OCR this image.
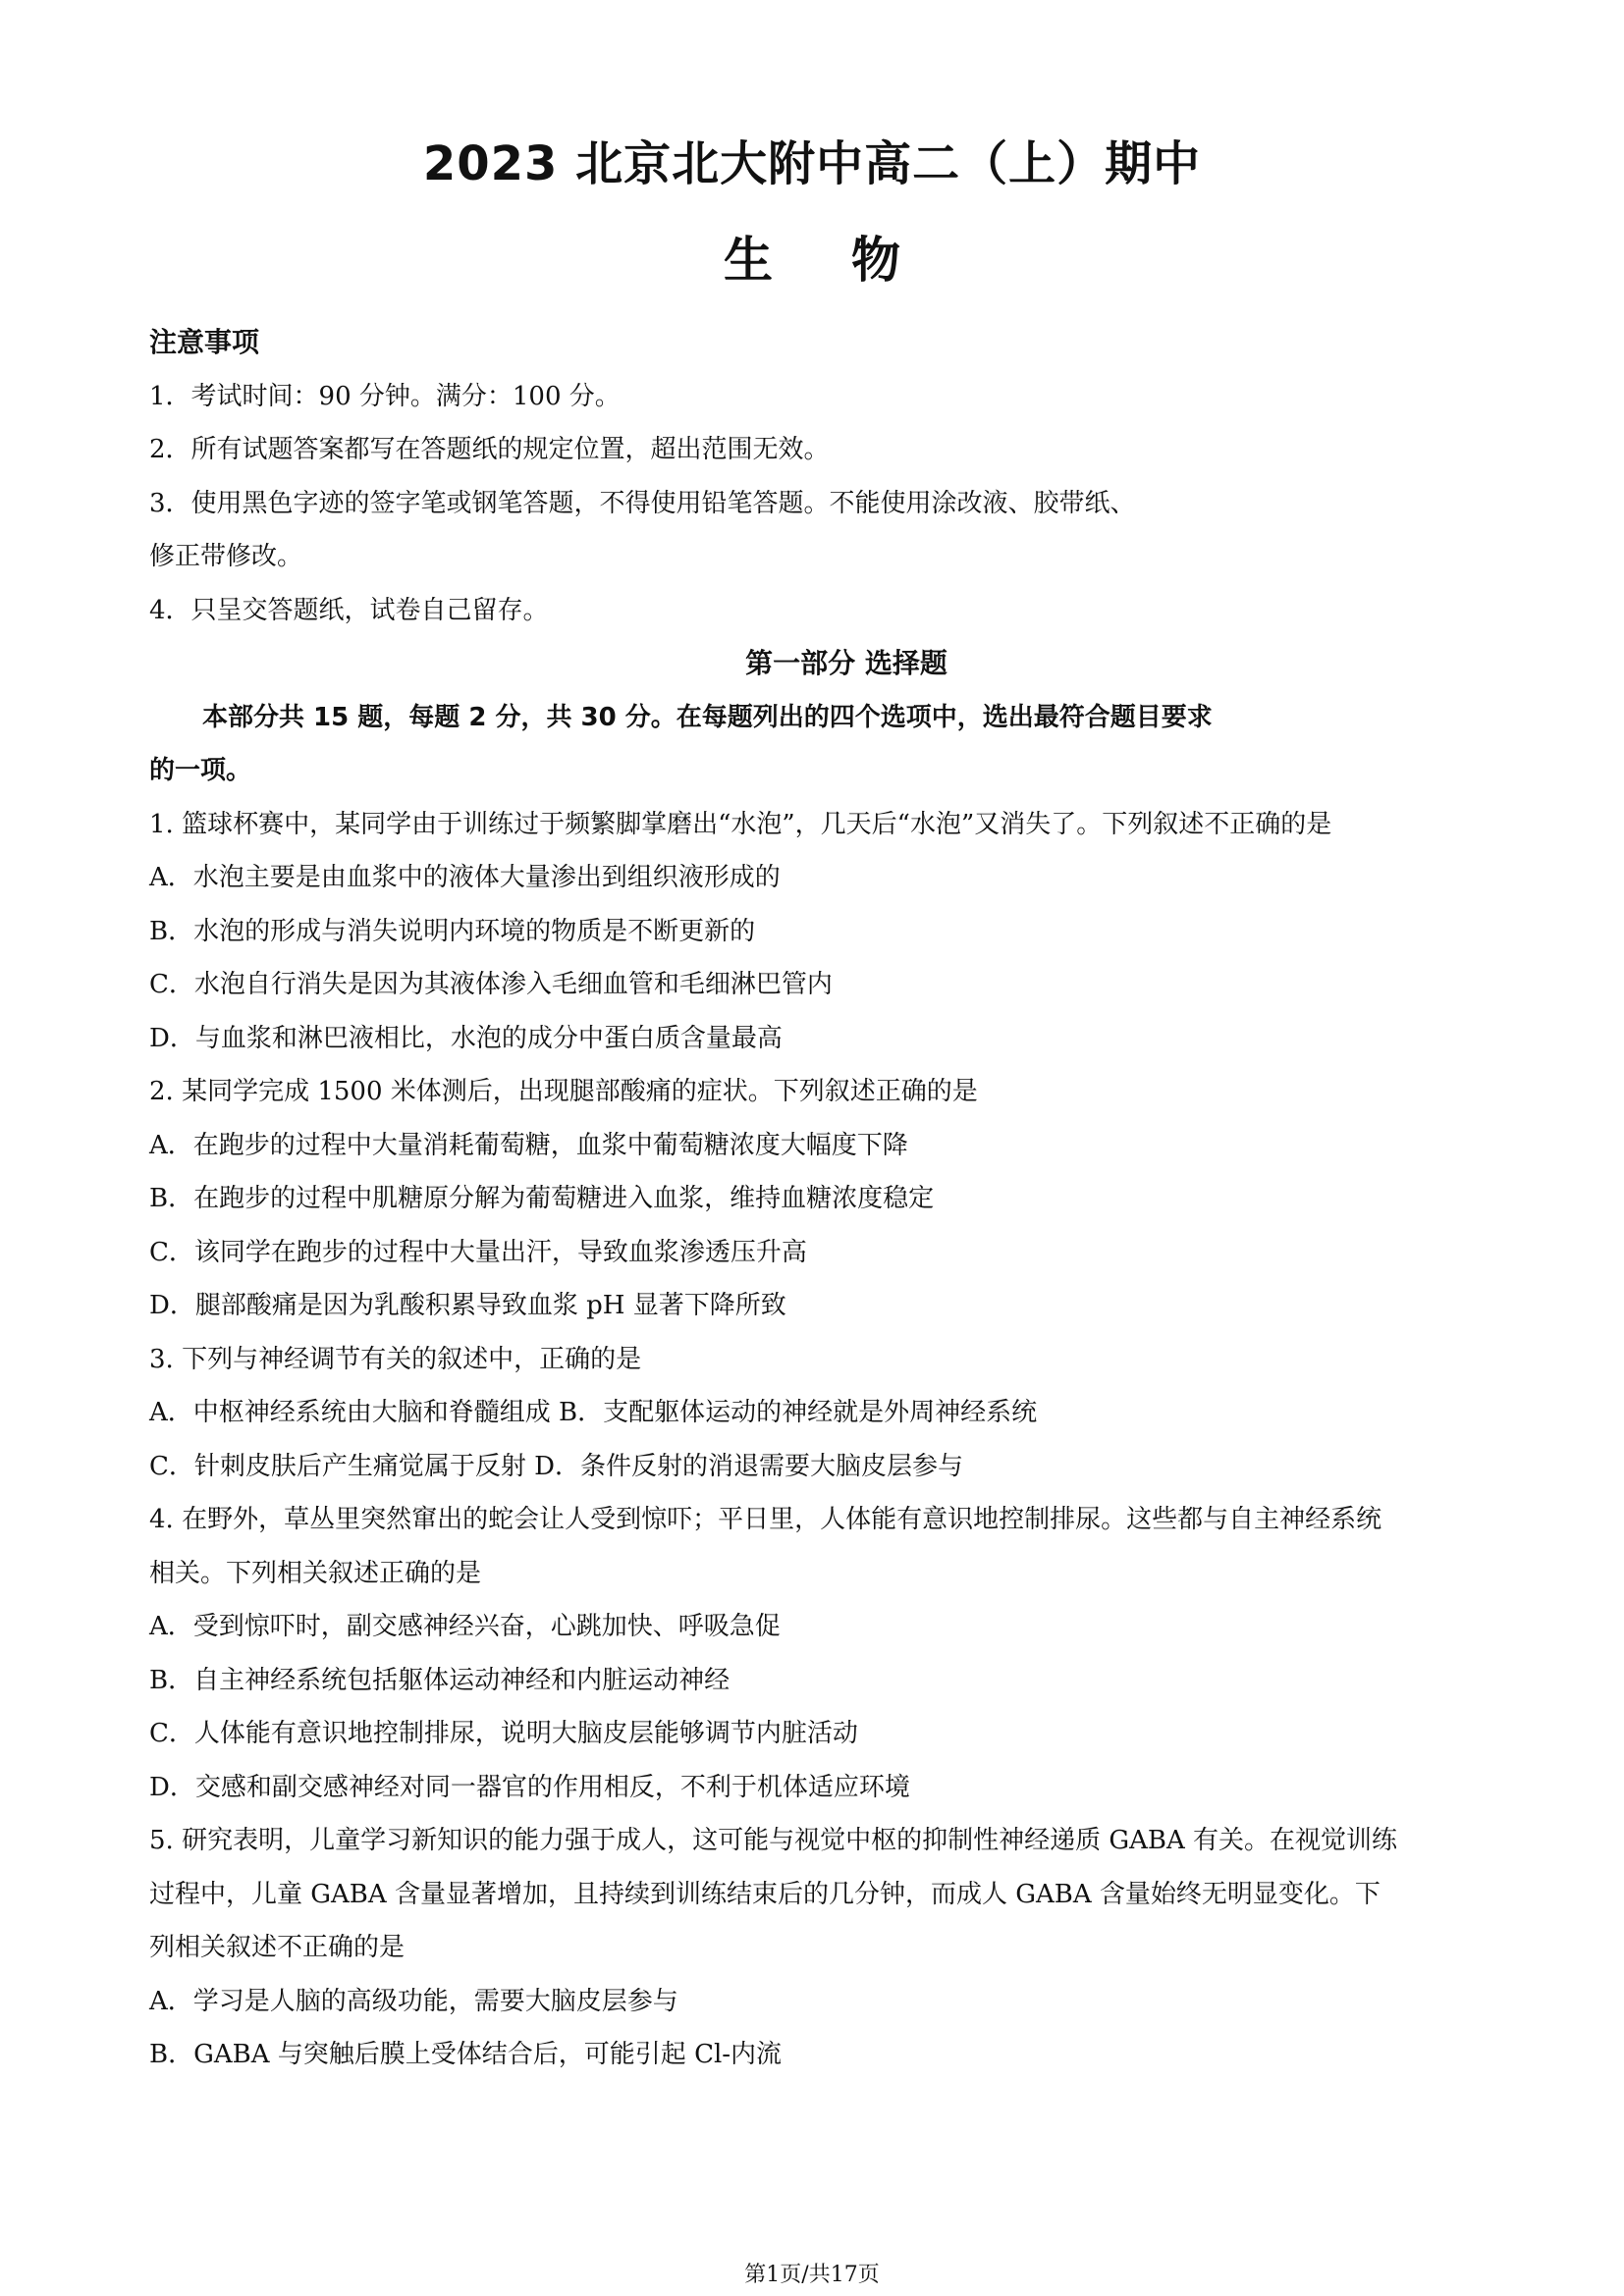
2023 北京北大附中高二（上）期中
生物
注意事项
1．考试时间：90 分钟。满分：100 分。
2．所有试题答案都写在答题纸的规定位置，超出范围无效。
3．使用黑色字迹的签字笔或钢笔答题，不得使用铅笔答题。不能使用涂改液、胶带纸、
修正带修改。
4．只呈交答题纸，试卷自己留存。
第一部分 选择题
本部分共 15 题，每题 2 分，共 30 分。在每题列出的四个选项中，选出最符合题目要求
的一项。
1. 篮球杯赛中，某同学由于训练过于频繁脚掌磨出“水泡”，几天后“水泡”又消失了。下列叙述不正确的是
A．水泡主要是由血浆中的液体大量渗出到组织液形成的
B．水泡的形成与消失说明内环境的物质是不断更新的
C．水泡自行消失是因为其液体渗入毛细血管和毛细淋巴管内
D．与血浆和淋巴液相比，水泡的成分中蛋白质含量最高
2. 某同学完成 1500 米体测后，出现腿部酸痛的症状。下列叙述正确的是
A．在跑步的过程中大量消耗葡萄糖，血浆中葡萄糖浓度大幅度下降
B．在跑步的过程中肌糖原分解为葡萄糖进入血浆，维持血糖浓度稳定
C．该同学在跑步的过程中大量出汗，导致血浆渗透压升高
D．腿部酸痛是因为乳酸积累导致血浆 pH 显著下降所致
3. 下列与神经调节有关的叙述中，正确的是
A．中枢神经系统由大脑和脊髓组成 B．支配躯体运动的神经就是外周神经系统
C．针刺皮肤后产生痛觉属于反射 D．条件反射的消退需要大脑皮层参与
4. 在野外，草丛里突然窜出的蛇会让人受到惊吓；平日里，人体能有意识地控制排尿。这些都与自主神经系统
相关。下列相关叙述正确的是
A．受到惊吓时，副交感神经兴奋，心跳加快、呼吸急促
B．自主神经系统包括躯体运动神经和内脏运动神经
C．人体能有意识地控制排尿，说明大脑皮层能够调节内脏活动
D．交感和副交感神经对同一器官的作用相反，不利于机体适应环境
5. 研究表明，儿童学习新知识的能力强于成人，这可能与视觉中枢的抑制性神经递质 GABA 有关。在视觉训练
过程中，儿童 GABA 含量显著增加，且持续到训练结束后的几分钟，而成人 GABA 含量始终无明显变化。下
列相关叙述不正确的是
A．学习是人脑的高级功能，需要大脑皮层参与
B．GABA 与突触后膜上受体结合后，可能引起 Cl-内流
第1页/共17页
